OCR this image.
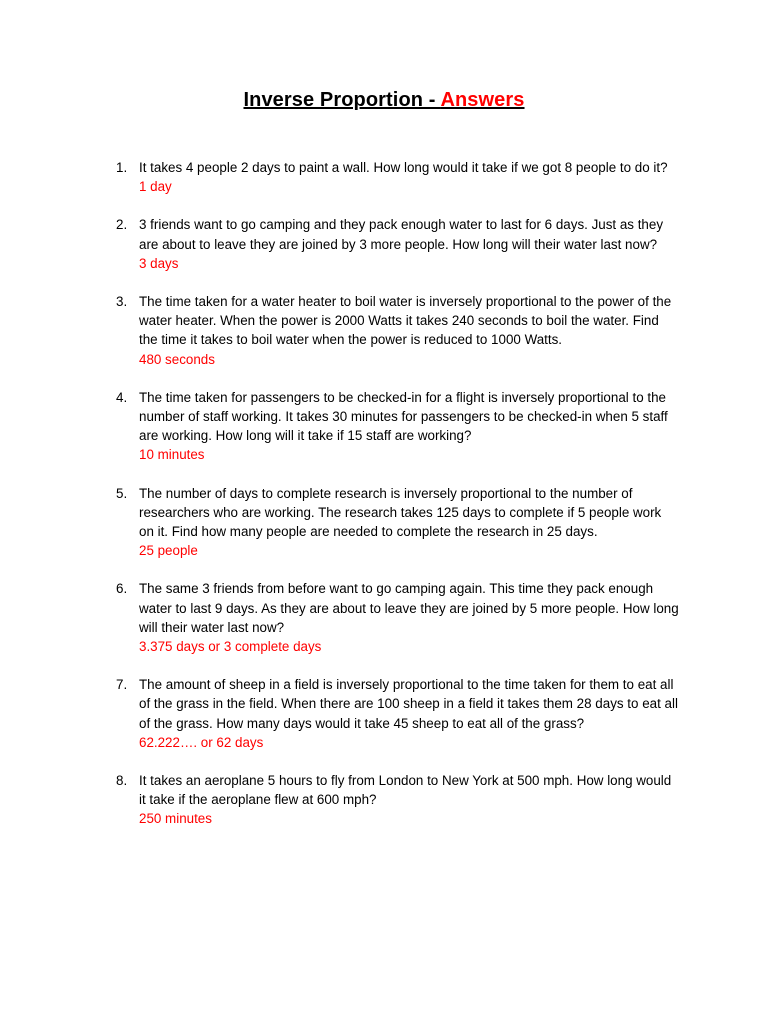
Inverse Proportion - Answers
1. It takes 4 people 2 days to paint a wall. How long would it take if we got 8 people to do it?
1 day
2. 3 friends want to go camping and they pack enough water to last for 6 days. Just as they are about to leave they are joined by 3 more people. How long will their water last now?
3 days
3. The time taken for a water heater to boil water is inversely proportional to the power of the water heater. When the power is 2000 Watts it takes 240 seconds to boil the water. Find the time it takes to boil water when the power is reduced to 1000 Watts.
480 seconds
4. The time taken for passengers to be checked-in for a flight is inversely proportional to the number of staff working. It takes 30 minutes for passengers to be checked-in when 5 staff are working. How long will it take if 15 staff are working?
10 minutes
5. The number of days to complete research is inversely proportional to the number of researchers who are working. The research takes 125 days to complete if 5 people work on it. Find how many people are needed to complete the research in 25 days.
25 people
6. The same 3 friends from before want to go camping again. This time they pack enough water to last 9 days. As they are about to leave they are joined by 5 more people. How long will their water last now?
3.375 days or 3 complete days
7. The amount of sheep in a field is inversely proportional to the time taken for them to eat all of the grass in the field. When there are 100 sheep in a field it takes them 28 days to eat all of the grass. How many days would it take 45 sheep to eat all of the grass?
62.222…. or 62 days
8. It takes an aeroplane 5 hours to fly from London to New York at 500 mph. How long would it take if the aeroplane flew at 600 mph?
250 minutes
